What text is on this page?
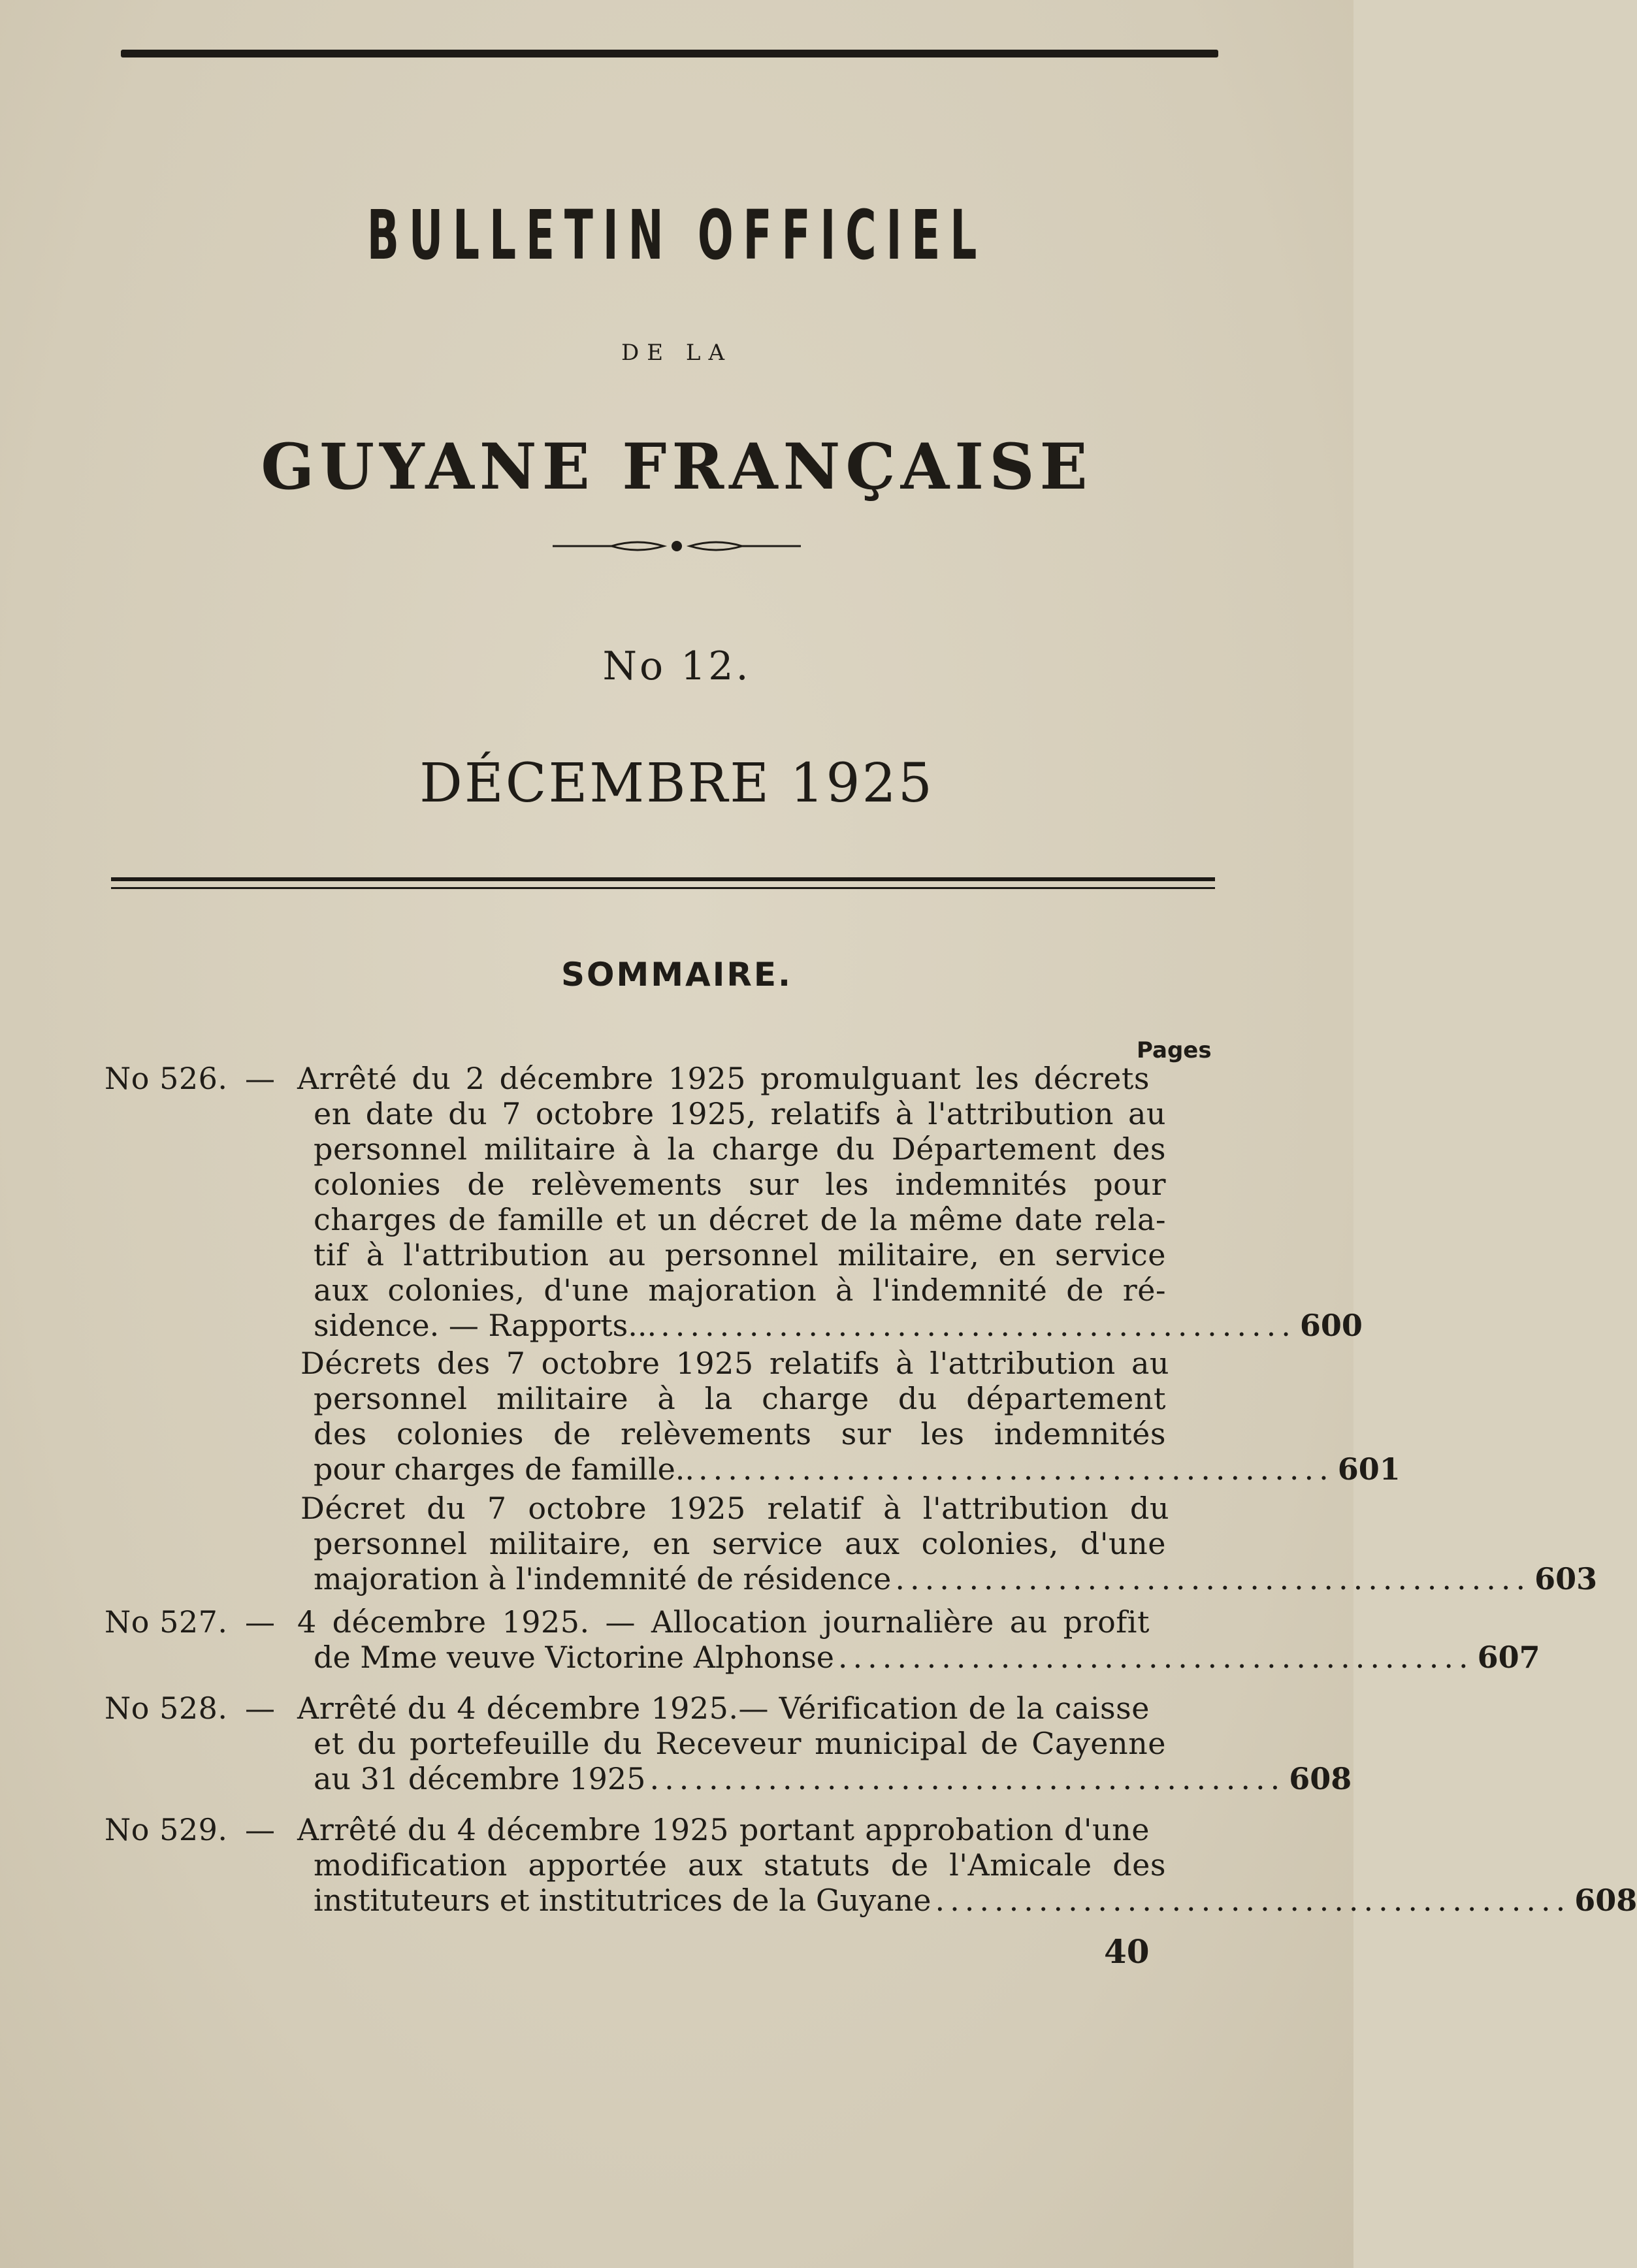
BULLETIN OFFICIEL
DE LA
GUYANE FRANÇAISE
No 12.
DÉCEMBRE 1925
SOMMAIRE.
Pages
No 526. — Arrêté du 2 décembre 1925 promulguant les décrets
en date du 7 octobre 1925, relatifs à l'attribution au
personnel militaire à la charge du Département des
colonies de relèvements sur les indemnités pour
charges de famille et un décret de la même date rela-
tif à l'attribution au personnel militaire, en service
aux colonies, d'une majoration à l'indemnité de ré-
sidence. — Rapports... ........................................... 600
Décrets des 7 octobre 1925 relatifs à l'attribution au
personnel militaire à la charge du département
des colonies de relèvements sur les indemnités
pour charges de famille.. ........................................... 601
Décret du 7 octobre 1925 relatif à l'attribution du
personnel militaire, en service aux colonies, d'une
majoration à l'indemnité de résidence ........................................... 603
No 527. — 4 décembre 1925. — Allocation journalière au profit
de Mme veuve Victorine Alphonse ........................................... 607
No 528. — Arrêté du 4 décembre 1925.— Vérification de la caisse
et du portefeuille du Receveur municipal de Cayenne
au 31 décembre 1925 ........................................... 608
No 529. — Arrêté du 4 décembre 1925 portant approbation d'une
modification apportée aux statuts de l'Amicale des
instituteurs et institutrices de la Guyane ........................................... 608
40
